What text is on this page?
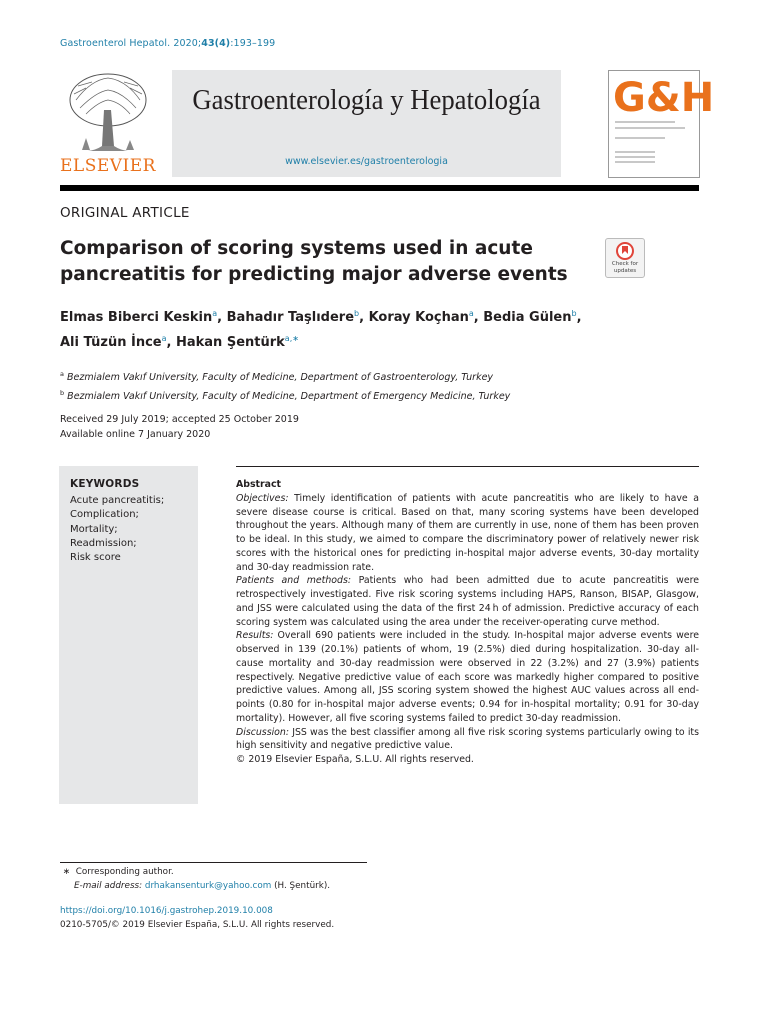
Gastroenterol Hepatol. 2020;43(4):193–199
ELSEVIER
Gastroenterología y Hepatología
www.elsevier.es/gastroenterologia
G&H
ORIGINAL ARTICLE
Comparison of scoring systems used in acute
pancreatitis for predicting major adverse events	Check for updates
Elmas Biberci Keskin$^a$, Bahadır Taşlıdere$^b$, Koray Koçhan$^a$, Bedia Gülen$^b$,
Ali Tüzün İnce$^a$, Hakan Şentürk$^{a,∗}$
$^a$ Bezmialem Vakıf University, Faculty of Medicine, Department of Gastroenterology, Turkey
$^b$ Bezmialem Vakıf University, Faculty of Medicine, Department of Emergency Medicine, Turkey
Received 29 July 2019; accepted 25 October 2019
Available online 7 January 2020
KEYWORDS
Acute pancreatitis;
Complication;
Mortality;
Readmission;
Risk score
Abstract
Objectives: Timely identification of patients with acute pancreatitis who are likely to have a severe disease course is critical. Based on that, many scoring systems have been developed throughout the years. Although many of them are currently in use, none of them has been proven to be ideal. In this study, we aimed to compare the discriminatory power of relatively newer risk scores with the historical ones for predicting in-hospital major adverse events, 30-day mortality and 30-day readmission rate.
Patients and methods: Patients who had been admitted due to acute pancreatitis were retrospectively investigated. Five risk scoring systems including HAPS, Ranson, BISAP, Glasgow, and JSS were calculated using the data of the first 24 h of admission. Predictive accuracy of each scoring system was calculated using the area under the receiver-operating curve method.
Results: Overall 690 patients were included in the study. In-hospital major adverse events were observed in 139 (20.1%) patients of whom, 19 (2.5%) died during hospitalization. 30-day all-cause mortality and 30-day readmission were observed in 22 (3.2%) and 27 (3.9%) patients respectively. Negative predictive value of each score was markedly higher compared to positive predictive values. Among all, JSS scoring system showed the highest AUC values across all end-points (0.80 for in-hospital major adverse events; 0.94 for in-hospital mortality; 0.91 for 30-day mortality). However, all five scoring systems failed to predict 30-day readmission.
Discussion: JSS was the best classifier among all five risk scoring systems particularly owing to its high sensitivity and negative predictive value.
© 2019 Elsevier España, S.L.U. All rights reserved.
∗ Corresponding author.
E-mail address: drhakansenturk@yahoo.com (H. Şentürk).
https://doi.org/10.1016/j.gastrohep.2019.10.008
0210-5705/© 2019 Elsevier España, S.L.U. All rights reserved.
